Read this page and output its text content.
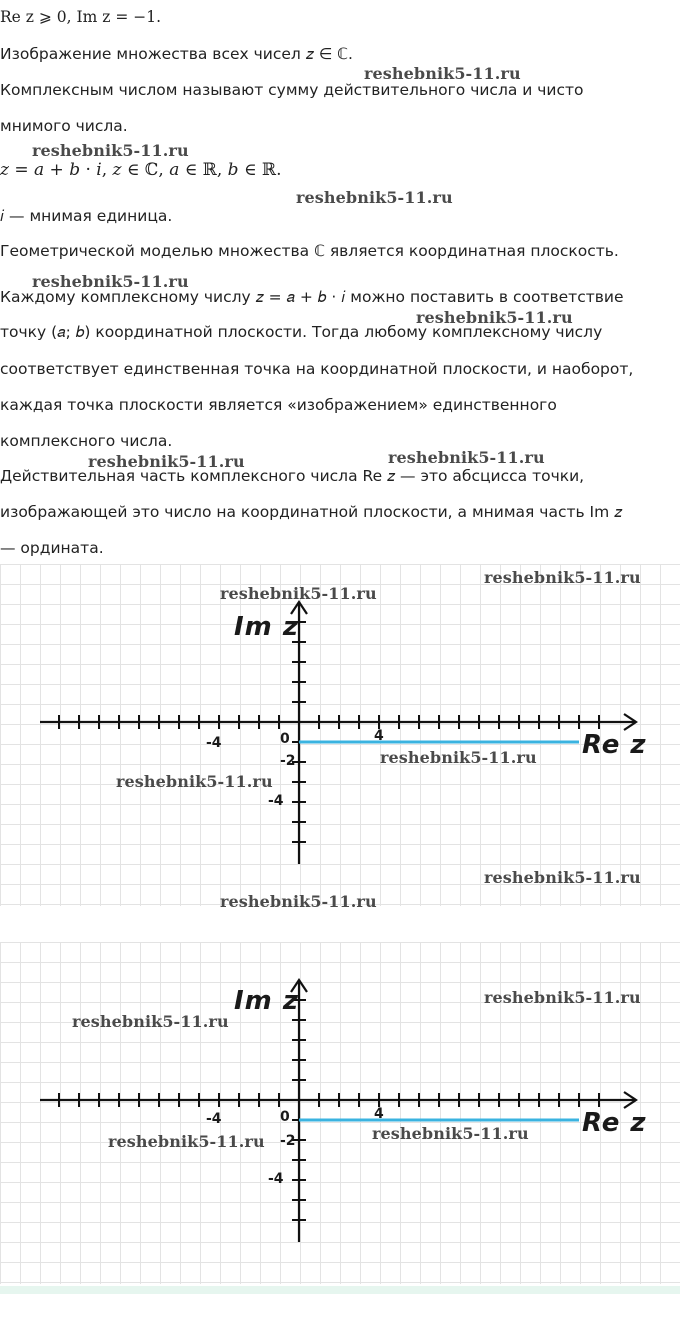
Re z ⩾ 0, Im z = −1.
Изображение множества всех чисел 𝑧 ∈ ℂ.
Комплексным числом называют сумму действительного числа и чисто
мнимого числа.
𝑧 = 𝑎 + 𝑏 · 𝑖, 𝑧 ∈ ℂ, 𝑎 ∈ ℝ, 𝑏 ∈ ℝ.
𝑖 — мнимая единица.
Геометрической моделью множества ℂ является координатная плоскость.
Каждому комплексному числу 𝑧 = 𝑎 + 𝑏 · 𝑖 можно поставить в соответствие
точку (𝑎; 𝑏) координатной плоскости. Тогда любому комплексному числу
соответствует единственная точка на координатной плоскости, и наоборот,
каждая точка плоскости является «изображением» единственного
комплексного числа.
Действительная часть комплексного числа Re 𝑧 — это абсцисса точки,
изображающей это число на координатной плоскости, а мнимая часть Im 𝑧
— ордината.
reshebnik5-11.ru
reshebnik5-11.ru
reshebnik5-11.ru
reshebnik5-11.ru
reshebnik5-11.ru
reshebnik5-11.ru	reshebnik5-11.ru
Im z
Re z
0
-4	4
-2
-4
reshebnik5-11.ru
reshebnik5-11.ru
reshebnik5-11.ru
reshebnik5-11.ru
reshebnik5-11.ru
reshebnik5-11.ru
Im z
Re z
0
-4	4
-2
-4
reshebnik5-11.ru
reshebnik5-11.ru
reshebnik5-11.ru	reshebnik5-11.ru
